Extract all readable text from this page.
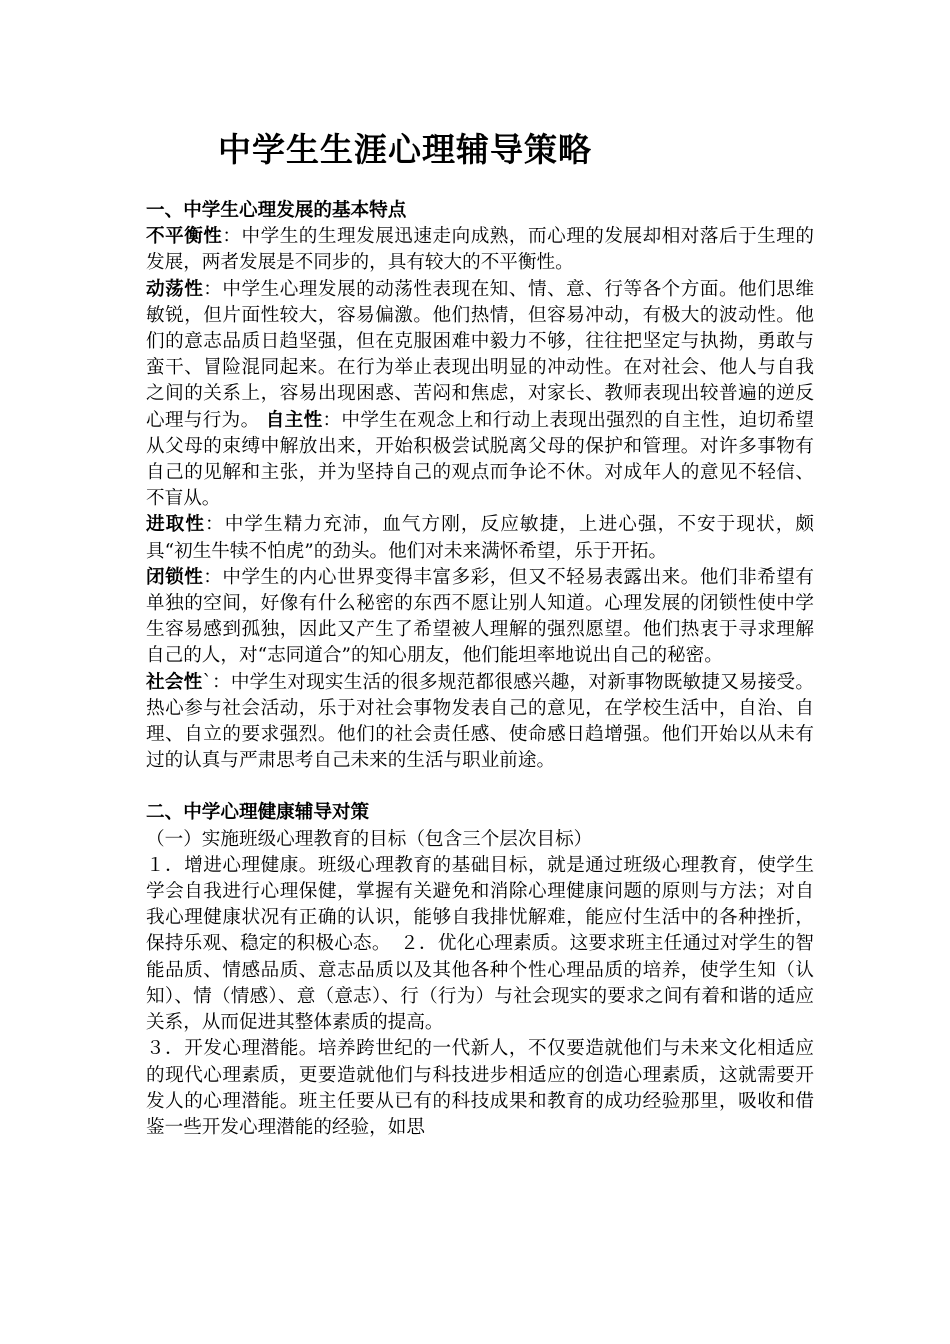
中学生生涯心理辅导策略

一、中学生心理发展的基本特点

不平衡性：中学生的生理发展迅速走向成熟，而心理的发展却相对落后于生理的发展，两者发展是不同步的，具有较大的不平衡性。

动荡性：中学生心理发展的动荡性表现在知、情、意、行等各个方面。他们思维敏锐，但片面性较大，容易偏激。他们热情，但容易冲动，有极大的波动性。他们的意志品质日趋坚强，但在克服困难中毅力不够，往往把坚定与执拗，勇敢与蛮干、冒险混同起来。在行为举止表现出明显的冲动性。在对社会、他人与自我之间的关系上，容易出现困惑、苦闷和焦虑，对家长、教师表现出较普遍的逆反心理与行为。 自主性：中学生在观念上和行动上表现出强烈的自主性，迫切希望从父母的束缚中解放出来，开始积极尝试脱离父母的保护和管理。对许多事物有自己的见解和主张，并为坚持自己的观点而争论不休。对成年人的意见不轻信、不盲从。

进取性：中学生精力充沛，血气方刚，反应敏捷，上进心强，不安于现状，颇具“初生牛犊不怕虎”的劲头。他们对未来满怀希望，乐于开拓。

闭锁性：中学生的内心世界变得丰富多彩，但又不轻易表露出来。他们非希望有单独的空间，好像有什么秘密的东西不愿让别人知道。心理发展的闭锁性使中学生容易感到孤独，因此又产生了希望被人理解的强烈愿望。他们热衷于寻求理解自己的人，对“志同道合”的知心朋友，他们能坦率地说出自己的秘密。

社会性`：中学生对现实生活的很多规范都很感兴趣，对新事物既敏捷又易接受。热心参与社会活动，乐于对社会事物发表自己的意见，在学校生活中，自治、自理、自立的要求强烈。他们的社会责任感、使命感日趋增强。他们开始以从未有过的认真与严肃思考自己未来的生活与职业前途。

二、中学心理健康辅导对策

（一）实施班级心理教育的目标（包含三个层次目标）

１．增进心理健康。班级心理教育的基础目标，就是通过班级心理教育，使学生学会自我进行心理保健，掌握有关避免和消除心理健康问题的原则与方法；对自我心理健康状况有正确的认识，能够自我排忧解难，能应付生活中的各种挫折，保持乐观、稳定的积极心态。　２．优化心理素质。这要求班主任通过对学生的智能品质、情感品质、意志品质以及其他各种个性心理品质的培养，使学生知（认知）、情（情感）、意（意志）、行（行为）与社会现实的要求之间有着和谐的适应关系，从而促进其整体素质的提高。

３．开发心理潜能。培养跨世纪的一代新人，不仅要造就他们与未来文化相适应的现代心理素质，更要造就他们与科技进步相适应的创造心理素质，这就需要开发人的心理潜能。班主任要从已有的科技成果和教育的成功经验那里，吸收和借鉴一些开发心理潜能的经验，如思
